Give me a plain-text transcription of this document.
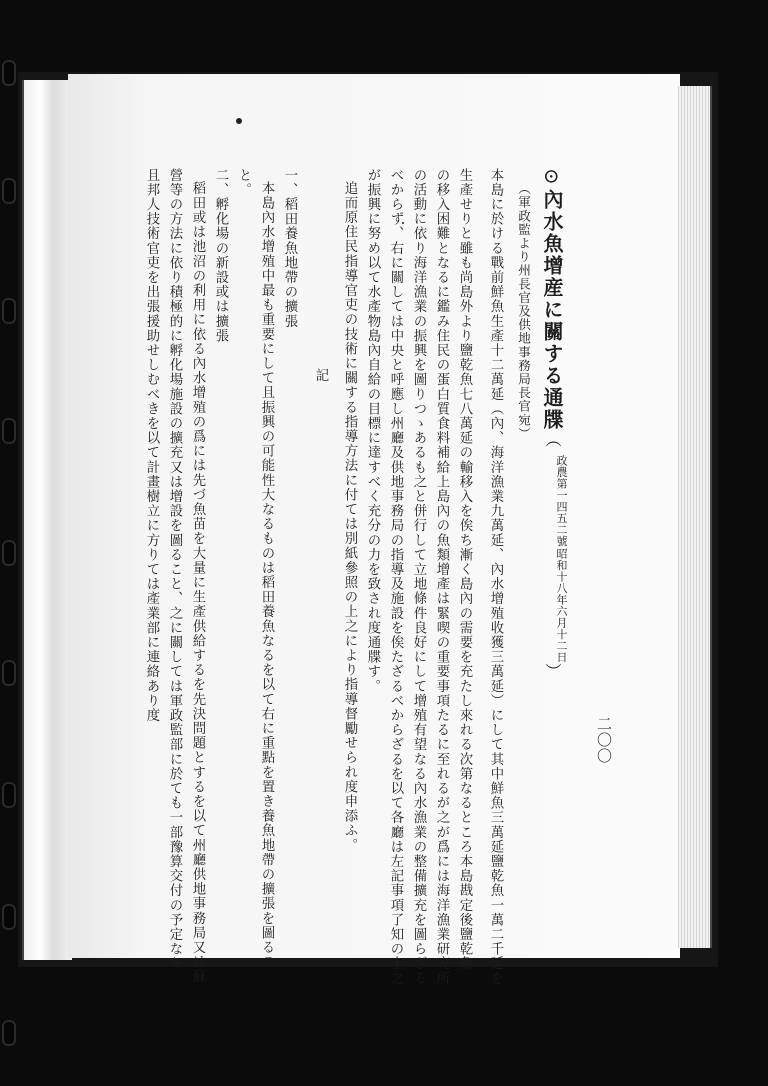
⊙
內水魚增産に關する通牒
（
昭和十八年六月十二日
政農第一四五二號
）

（軍政監より州長官及供地事務局長官宛）

本島に於ける戰前鮮魚生產十二萬延（內、海洋漁業九萬延、內水增殖收獲三萬延）にして其中鮮魚三萬延鹽乾魚一萬二千延を

生產せりと雖も尚島外より鹽乾魚七八萬延の輸移入を俟ち漸く島內の需要を充たし來れる次第なるところ本島戡定後鹽乾魚

の移入困難となるに鑑み住民の蛋白質食料補給上島內の魚類增產は緊喫の重要事項たるに至れるが之が爲には海洋漁業研究所

の活動に依り海洋漁業の振興を圖りつゝあるも之と併行して立地條件良好にして增殖有望なる內水漁業の整備擴充を圖らざる

べからず、右に關しては中央と呼應し州廳及供地事務局の指導及施設を俟たざるべからざるを以て各廳は左記事項了知の上之

が振興に努め以て水產物島內自給の目標に達すべく充分の力を致され度通牒す。

追而原住民指導官吏の技術に關する指導方法に付ては別紙參照の上之により指導督勵せられ度申添ふ。

記

一、稻田養魚地帶の擴張

本島內水增殖中最も重要にして且振興の可能性大なるものは稻田養魚なるを以て右に重點を置き養魚地帶の擴張を圖るこ

と。

二、孵化場の新設或は擴張

稻田或は池沼の利用に依る內水增殖の爲には先づ魚苗を大量に生產供給するを先決問題とするを以て州廳供地事務局又は蘇

營等の方法に依り積極的に孵化場施設の擴充又は增設を圖ること、之に關しては軍政監部に於ても一部豫算交付の予定なり

且邦人技術官吏を出張援助せしむべきを以て計畫樹立に方りては產業部に連絡あり度

二〇〇
